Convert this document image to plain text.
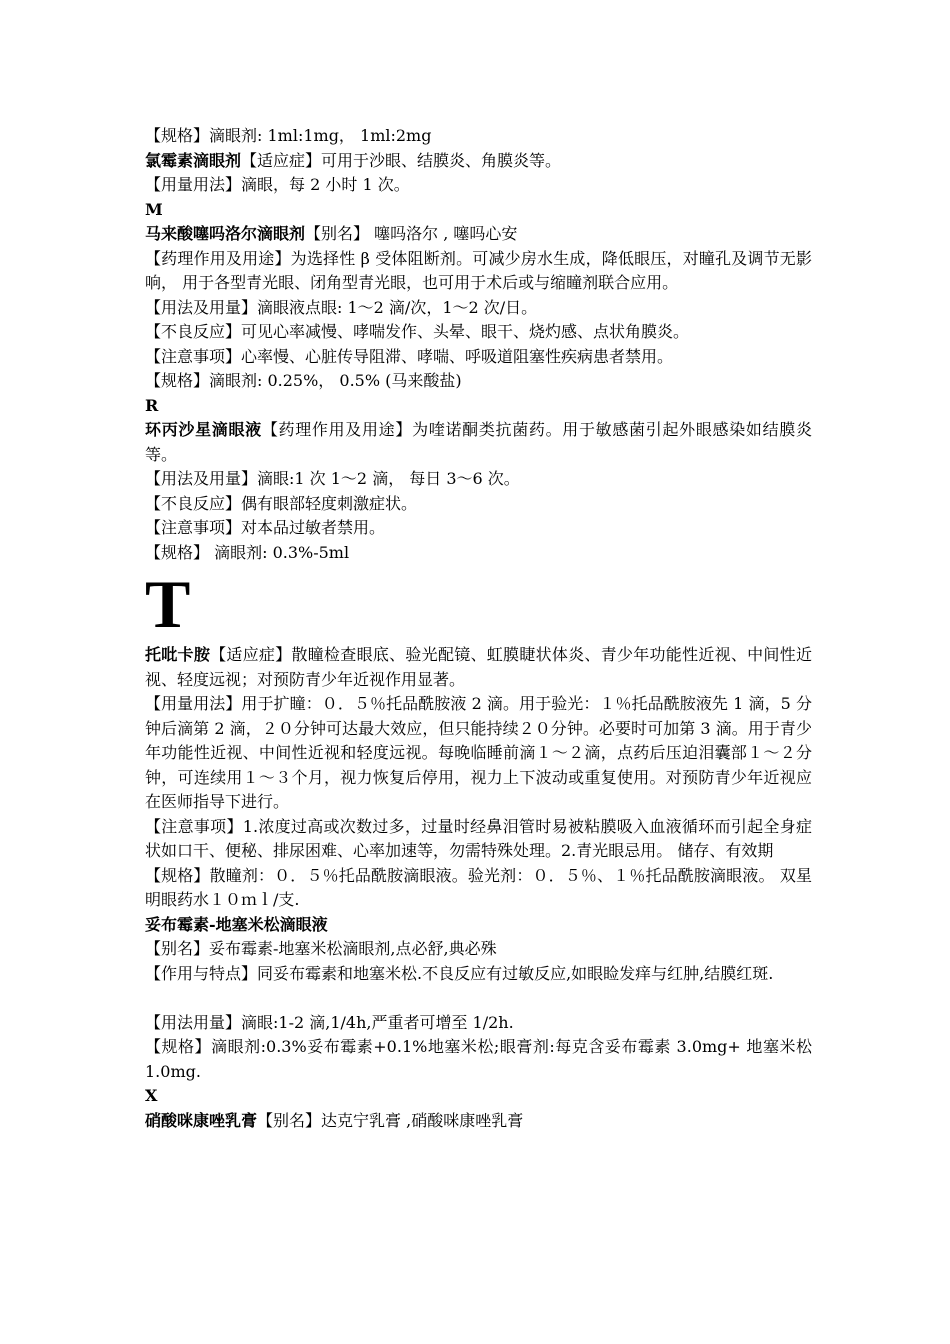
【规格】滴眼剂: 1ml:1mg， 1ml:2mg

氯霉素滴眼剂【适应症】可用于沙眼、结膜炎、角膜炎等。

【用量用法】滴眼，每 2 小时 1 次。

M

马来酸噻吗洛尔滴眼剂【别名】 噻吗洛尔 , 噻吗心安

【药理作用及用途】为选择性 β 受体阻断剂。可减少房水生成，降低眼压，对瞳孔及调节无影响， 用于各型青光眼、闭角型青光眼，也可用于术后或与缩瞳剂联合应用。

【用法及用量】滴眼液点眼: 1～2 滴/次，1～2 次/日。

【不良反应】可见心率减慢、哮喘发作、头晕、眼干、烧灼感、点状角膜炎。

【注意事项】心率慢、心脏传导阻滞、哮喘、呼吸道阻塞性疾病患者禁用。

【规格】滴眼剂: 0.25%， 0.5% (马来酸盐)

R

环丙沙星滴眼液【药理作用及用途】为喹诺酮类抗菌药。用于敏感菌引起外眼感染如结膜炎等。

【用法及用量】滴眼:1 次 1～2 滴， 每日 3～6 次。

【不良反应】偶有眼部轻度刺激症状。

【注意事项】对本品过敏者禁用。

【规格】 滴眼剂: 0.3%-5ml

T

托吡卡胺【适应症】散瞳检查眼底、验光配镜、虹膜睫状体炎、青少年功能性近视、中间性近视、轻度远视；对预防青少年近视作用显著。

【用量用法】用于扩瞳：０．５％托品酰胺液 2 滴。用于验光：１％托品酰胺液先 1 滴，5 分钟后滴第 2 滴，２０分钟可达最大效应，但只能持续２０分钟。必要时可加第 3 滴。用于青少年功能性近视、中间性近视和轻度远视。每晚临睡前滴１～２滴，点药后压迫泪囊部１～２分钟，可连续用１～３个月，视力恢复后停用，视力上下波动或重复使用。对预防青少年近视应在医师指导下进行。

【注意事项】1.浓度过高或次数过多，过量时经鼻泪管时易被粘膜吸入血液循环而引起全身症状如口干、便秘、排尿困难、心率加速等，勿需特殊处理。2.青光眼忌用。 储存、有效期

【规格】散瞳剂：０．５％托品酰胺滴眼液。验光剂：０．５％、１％托品酰胺滴眼液。 双星明眼药水１０ｍｌ/支.

妥布霉素-地塞米松滴眼液

【别名】妥布霉素-地塞米松滴眼剂,点必舒,典必殊

【作用与特点】同妥布霉素和地塞米松.不良反应有过敏反应,如眼睑发痒与红肿,结膜红斑.

【用法用量】滴眼:1-2 滴,1/4h,严重者可增至 1/2h.

【规格】滴眼剂:0.3%妥布霉素+0.1%地塞米松;眼膏剂:每克含妥布霉素 3.0mg+ 地塞米松 1.0mg.

X

硝酸咪康唑乳膏【别名】达克宁乳膏 ,硝酸咪康唑乳膏
